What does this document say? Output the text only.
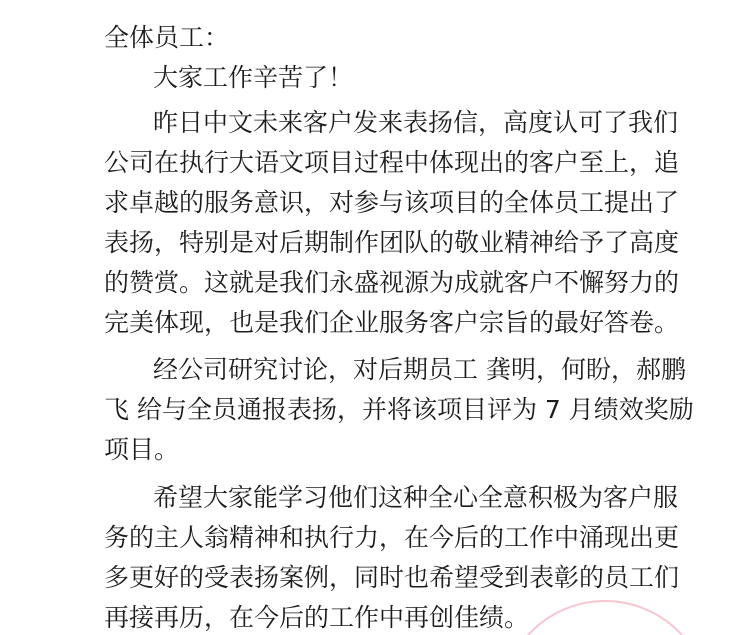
全体员工：
大家工作辛苦了！
昨日中文未来客户发来表扬信，高度认可了我们
公司在执行大语文项目过程中体现出的客户至上，追
求卓越的服务意识，对参与该项目的全体员工提出了
表扬，特别是对后期制作团队的敬业精神给予了高度
的赞赏。这就是我们永盛视源为成就客户不懈努力的
完美体现，也是我们企业服务客户宗旨的最好答卷。
经公司研究讨论，对后期员工 龚明，何盼，郝鹏
飞 给与全员通报表扬，并将该项目评为 7 月绩效奖励
项目。
希望大家能学习他们这种全心全意积极为客户服
务的主人翁精神和执行力，在今后的工作中涌现出更
多更好的受表扬案例，同时也希望受到表彰的员工们
再接再历，在今后的工作中再创佳绩。
